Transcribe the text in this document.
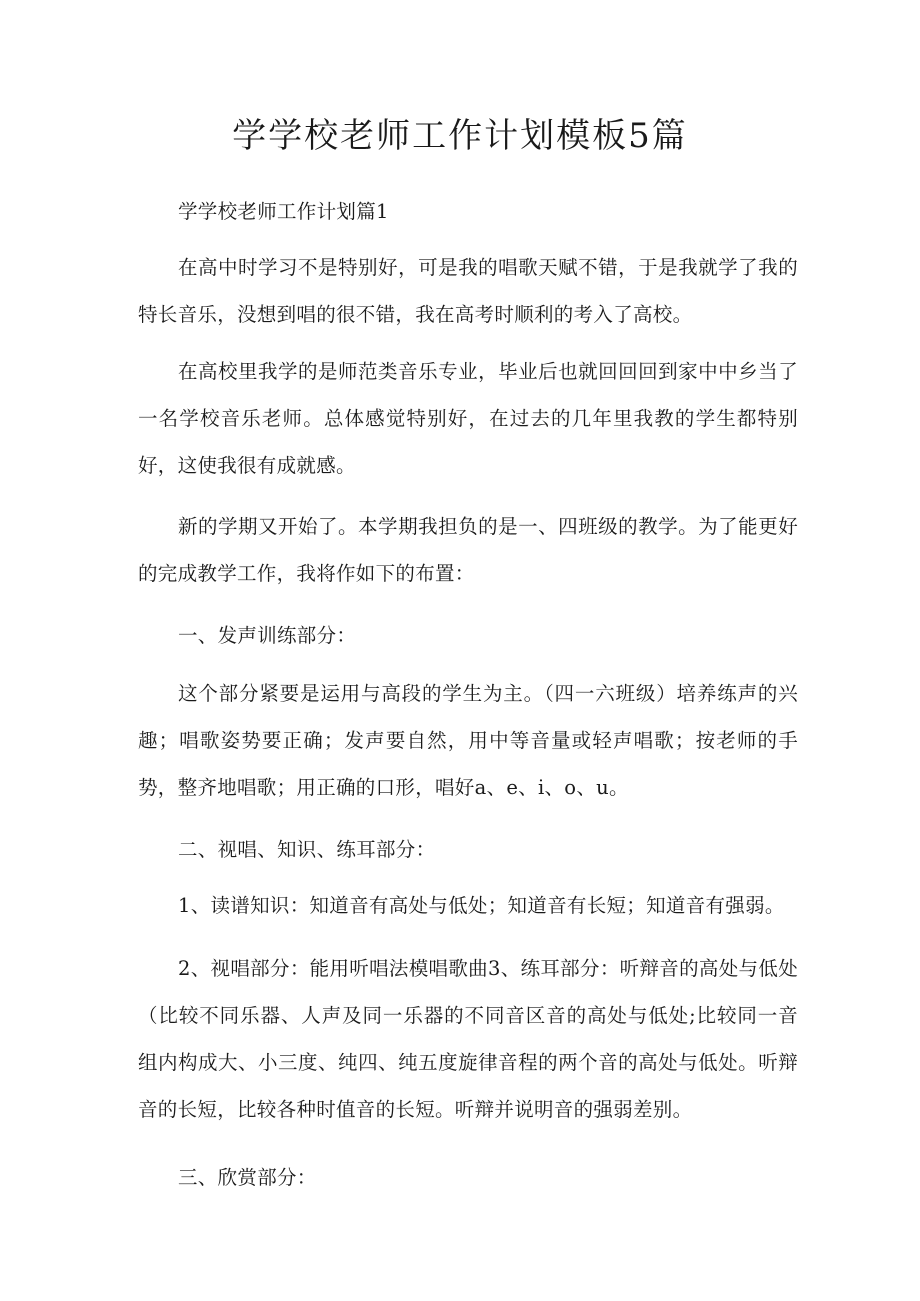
学学校老师工作计划模板5篇

学学校老师工作计划篇1

在高中时学习不是特别好，可是我的唱歌天赋不错，于是我就学了我的特长音乐，没想到唱的很不错，我在高考时顺利的考入了高校。

在高校里我学的是师范类音乐专业，毕业后也就回回回到家中中乡当了一名学校音乐老师。总体感觉特别好，在过去的几年里我教的学生都特别好，这使我很有成就感。

新的学期又开始了。本学期我担负的是一、四班级的教学。为了能更好的完成教学工作，我将作如下的布置：

一、发声训练部分：

这个部分紧要是运用与高段的学生为主。（四一六班级）培养练声的兴趣；唱歌姿势要正确；发声要自然，用中等音量或轻声唱歌；按老师的手势，整齐地唱歌；用正确的口形，唱好a、e、i、o、u。

二、视唱、知识、练耳部分：

1、读谱知识：知道音有高处与低处；知道音有长短；知道音有强弱。

2、视唱部分：能用听唱法模唱歌曲3、练耳部分：听辩音的高处与低处（比较不同乐器、人声及同一乐器的不同音区音的高处与低处;比较同一音组内构成大、小三度、纯四、纯五度旋律音程的两个音的高处与低处。听辩音的长短，比较各种时值音的长短。听辩并说明音的强弱差别。

三、欣赏部分：
